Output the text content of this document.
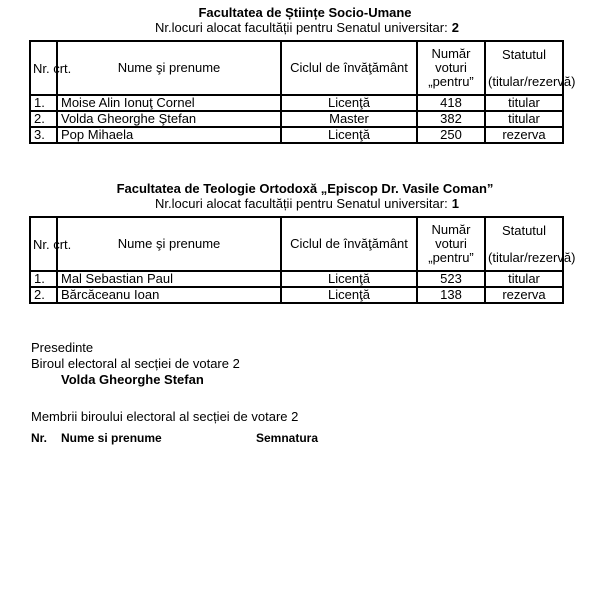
Facultatea de Științe Socio-Umane

Nr.locuri alocat facultății pentru Senatul universitar: 2

Nr. crt.	Nume şi prenume	Ciclul de învăţământ	Număr voturi „pentru”	Statutul
(titular/rezervă)

1.	Moise Alin Ionuţ Cornel	Licenţă	418	titular
2.	Volda Gheorghe Ştefan	Master	382	titular
3.	Pop Mihaela	Licenţă	250	rezerva

Facultatea de Teologie Ortodoxă „Episcop Dr. Vasile Coman”

Nr.locuri alocat facultății pentru Senatul universitar: 1

Nr. crt.	Nume şi prenume	Ciclul de învăţământ	Număr voturi „pentru”	Statutul
(titular/rezervă)

1.	Mal Sebastian Paul	Licenţă	523	titular
2.	Bărcăceanu Ioan	Licenţă	138	rezerva
Presedinte
Biroul electoral al secției de votare 2
Volda Gheorghe Stefan
Membrii biroului electoral al secției de votare 2
Nr. Nume si prenume	Semnatura
